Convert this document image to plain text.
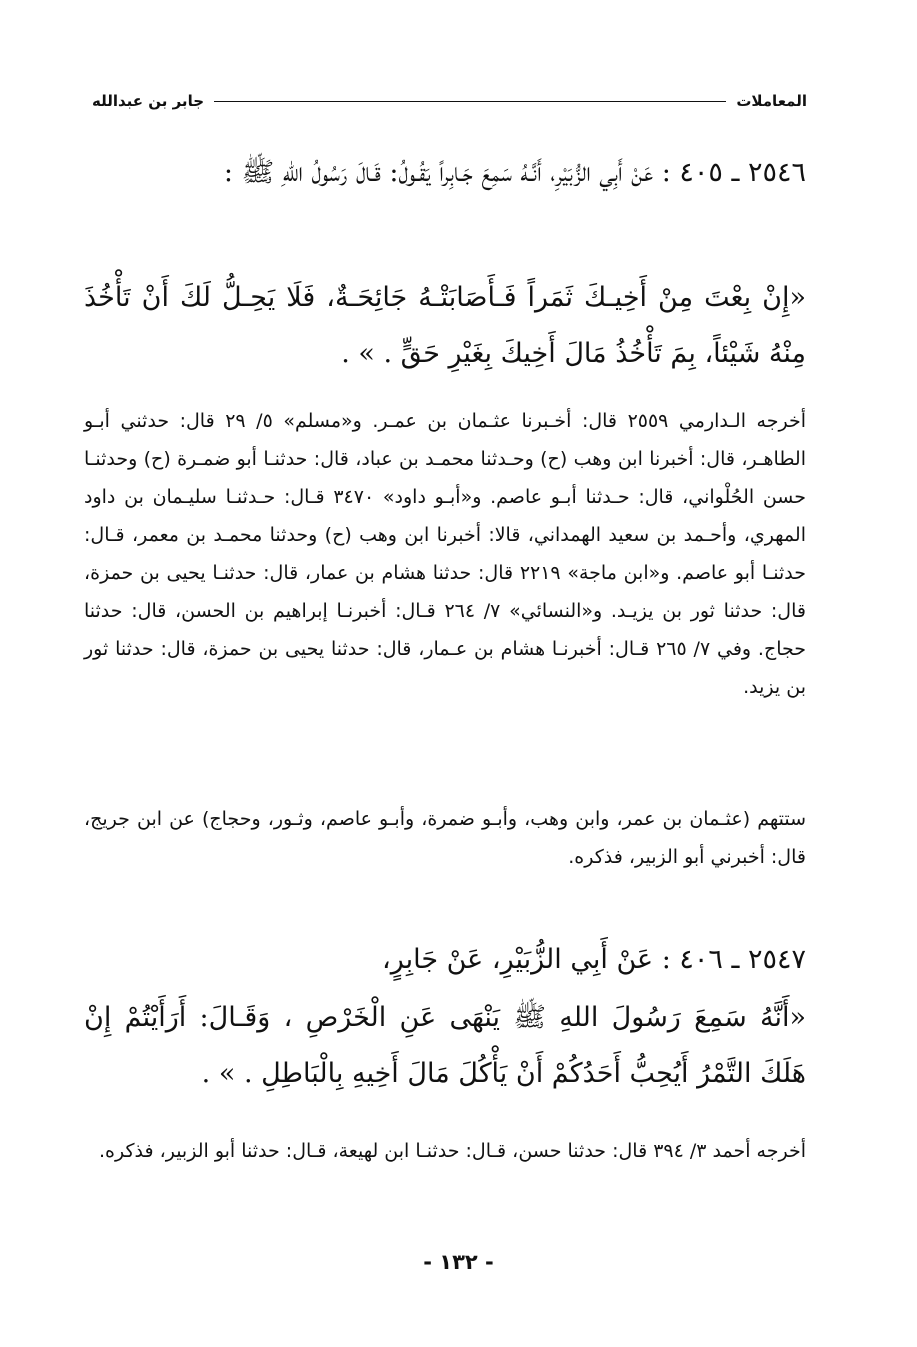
المعاملات
جابر بن عبدالله
٢٥٤٦ ـ ٤٠٥ : عَنْ أَبِي الزُّبَيْرِ، أَنَّـهُ سَمِعَ جَـابِراً يَقُـولُ: قَـالَ رَسُولُ اللهِ ﷺ :
«إِنْ بِعْتَ مِنْ أَخِيـكَ ثَمَراً فَـأَصَابَتْـهُ جَائِحَـةٌ، فَلَا يَحِـلُّ لَكَ أَنْ تَأْخُذَ مِنْهُ شَيْئاً، بِمَ تَأْخُذُ مَالَ أَخِيكَ بِغَيْرِ حَقٍّ . » .
أخرجه الـدارمي ٢٥٥٩ قال: أخـبرنا عثـمان بن عمـر. و«مسلم» ٥/ ٢٩ قال: حدثني أبـو الطاهـر، قال: أخبرنا ابن وهب (ح) وحـدثنا محمـد بن عباد، قال: حدثنـا أبو ضمـرة (ح) وحدثنـا حسن الحُلْواني، قال: حـدثنا أبـو عاصم. و«أبـو داود» ٣٤٧٠ قـال: حـدثنـا سليـمان بن داود المهري، وأحـمد بن سعيد الهمداني، قالا: أخبرنا ابن وهب (ح) وحدثنا محمـد بن معمر، قـال: حدثنـا أبو عاصم. و«ابن ماجة» ٢٢١٩ قال: حدثنا هشام بن عمار، قال: حدثنـا يحيى بن حمزة، قال: حدثنا ثور بن يزيـد. و«النسائي» ٧/ ٢٦٤ قـال: أخبرنـا إبراهيم بن الحسن، قال: حدثنا حجاج. وفي ٧/ ٢٦٥ قـال: أخبرنـا هشام بن عـمار، قال: حدثنا يحيى بن حمزة، قال: حدثنا ثور بن يزيد.
ستتهم (عثـمان بن عمر، وابن وهب، وأبـو ضمرة، وأبـو عاصم، وثـور، وحجاج) عن ابن جريج، قال: أخبرني أبو الزبير، فذكره.
٢٥٤٧ ـ ٤٠٦ : عَنْ أَبِي الزُّبَيْرِ، عَنْ جَابِرٍ،
«أَنَّهُ سَمِعَ رَسُولَ اللهِ ﷺ يَنْهَى عَنِ الْخَرْصِ ، وَقَـالَ: أَرَأَيْتُمْ إِنْ هَلَكَ التَّمْرُ أَيُحِبُّ أَحَدُكُمْ أَنْ يَأْكُلَ مَالَ أَخِيهِ بِالْبَاطِلِ . » .
أخرجه أحمد ٣/ ٣٩٤ قال: حدثنا حسن، قـال: حدثنـا ابن لهيعة، قـال: حدثنا أبو الزبير، فذكره.
- ١٣٢ -
